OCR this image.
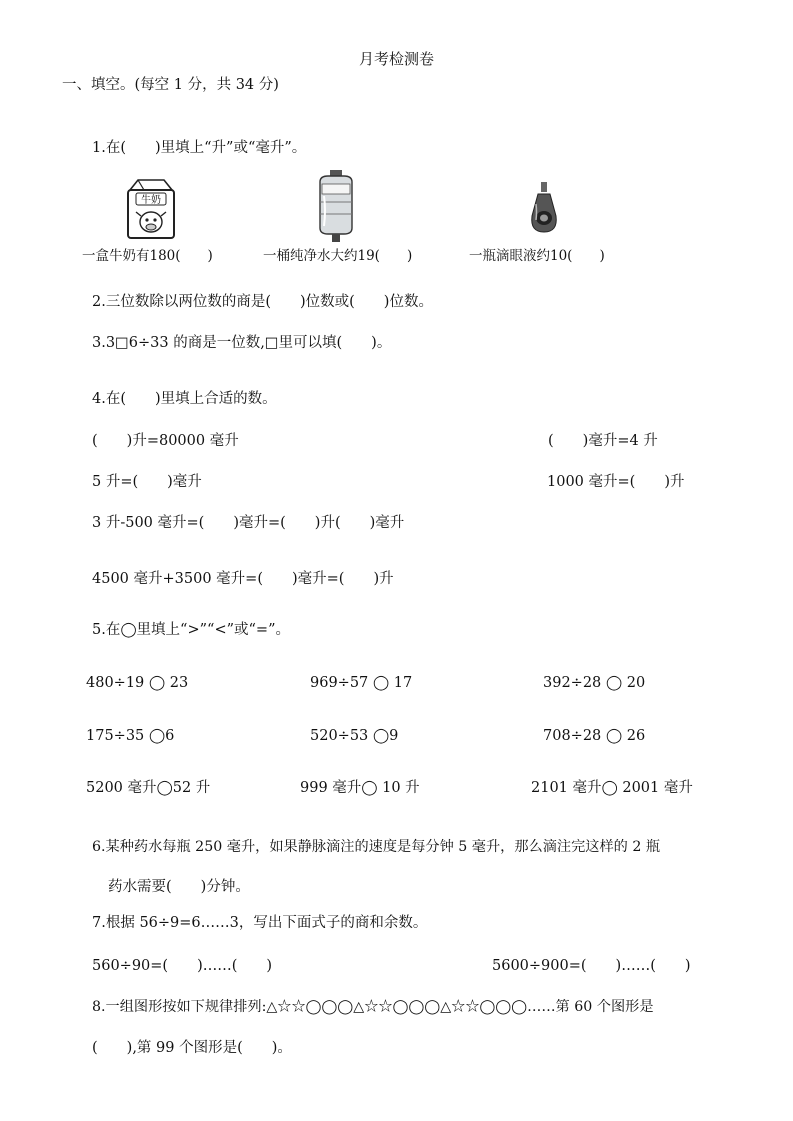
月考检测卷
一、填空。(每空 1 分，共 34 分)
1.在(　　)里填上“升”或“毫升”。
牛奶
一盒牛奶有180(　　)	一桶纯净水大约19(　　)	一瓶滴眼液约10(　　)
2.三位数除以两位数的商是(　　)位数或(　　)位数。
3.3□6÷33 的商是一位数,□里可以填(　　)。
4.在(　　)里填上合适的数。
(　　)升=80000 毫升	(　　)毫升=4 升
5 升=(　　)毫升	1000 毫升=(　　)升
3 升-500 毫升=(　　)毫升=(　　)升(　　)毫升
4500 毫升+3500 毫升=(　　)毫升=(　　)升
5.在◯里填上“>”“<”或“=”。
480÷19 ◯ 23	969÷57 ◯ 17	392÷28 ◯ 20
175÷35 ◯6	520÷53 ◯9	708÷28 ◯ 26
5200 毫升◯52 升	999 毫升◯ 10 升	2101 毫升◯ 2001 毫升
6.某种药水每瓶 250 毫升，如果静脉滴注的速度是每分钟 5 毫升，那么滴注完这样的 2 瓶
药水需要(　　)分钟。
7.根据 56÷9=6……3，写出下面式子的商和余数。
560÷90=(　　)……(　　)	5600÷900=(　　)……(　　)
8.一组图形按如下规律排列:△☆☆◯◯◯△☆☆◯◯◯△☆☆◯◯◯……第 60 个图形是
(　　),第 99 个图形是(　　)。
